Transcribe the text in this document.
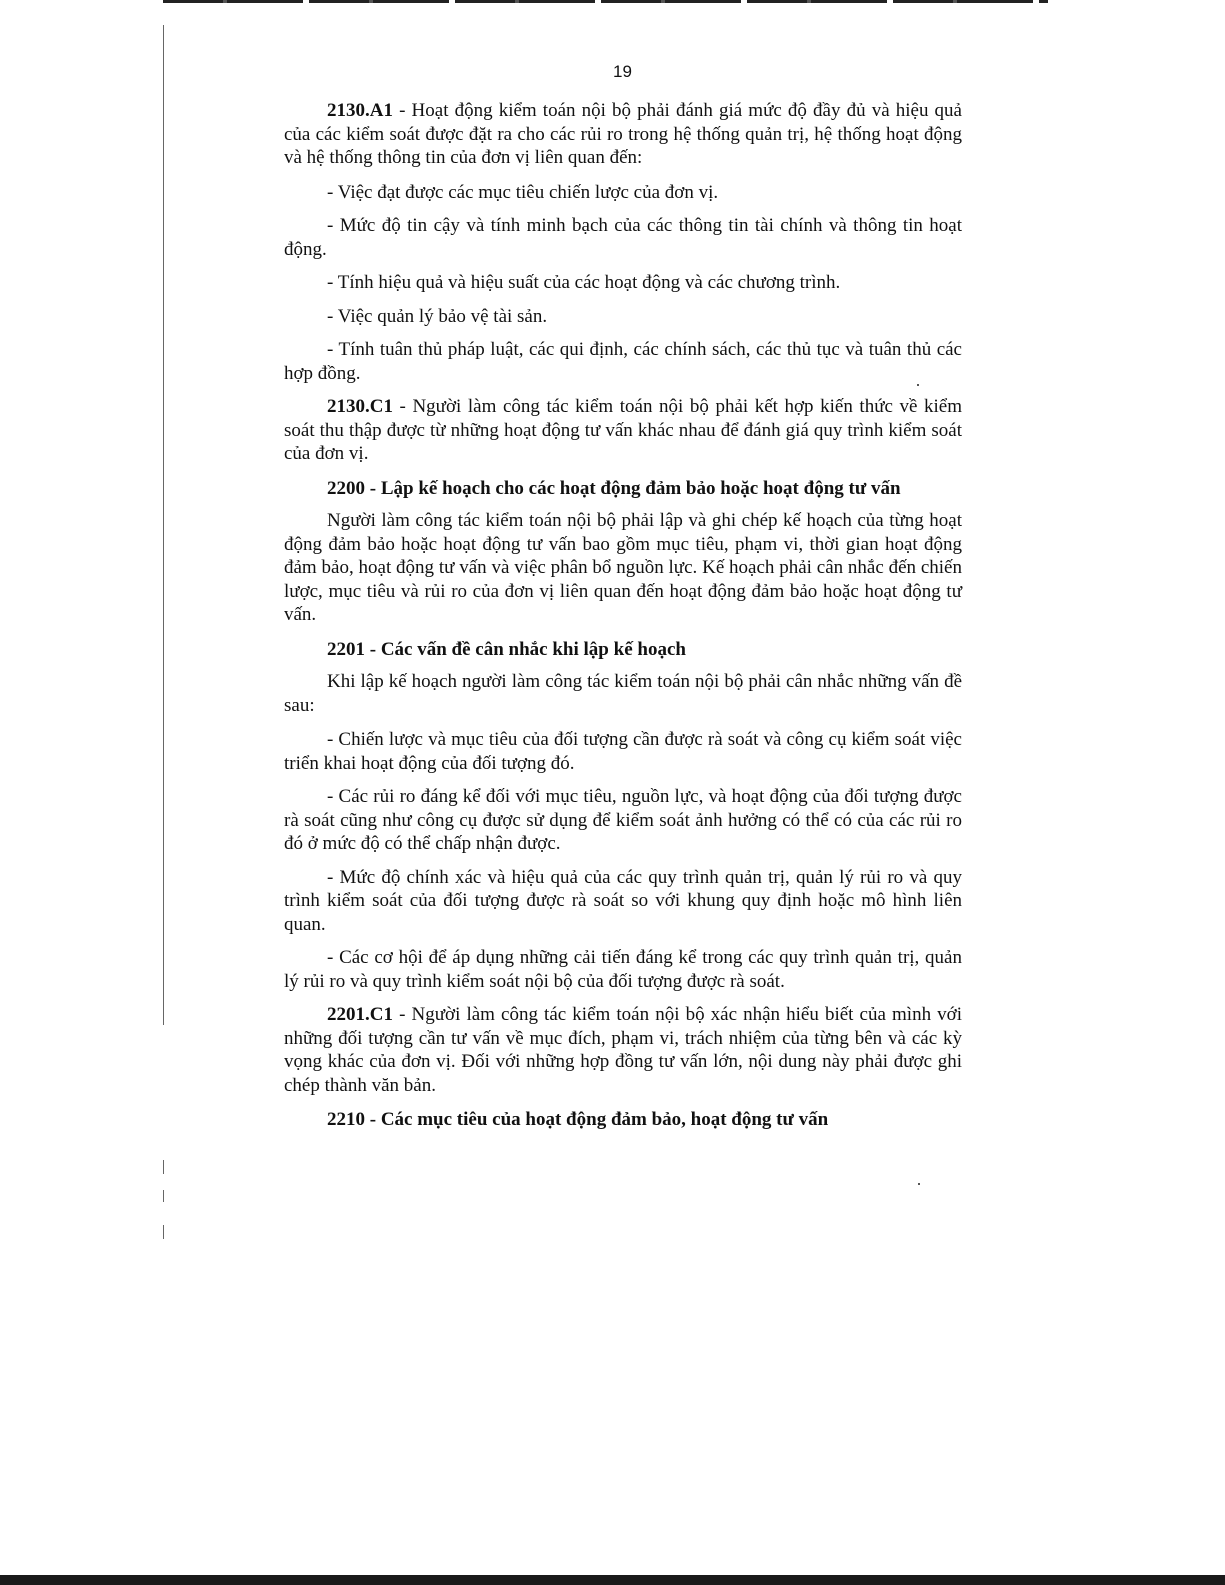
19

2130.A1 - Hoạt động kiểm toán nội bộ phải đánh giá mức độ đầy đủ và hiệu quả của các kiểm soát được đặt ra cho các rủi ro trong hệ thống quản trị, hệ thống hoạt động và hệ thống thông tin của đơn vị liên quan đến:

- Việc đạt được các mục tiêu chiến lược của đơn vị.

- Mức độ tin cậy và tính minh bạch của các thông tin tài chính và thông tin hoạt động.

- Tính hiệu quả và hiệu suất của các hoạt động và các chương trình.

- Việc quản lý bảo vệ tài sản.

- Tính tuân thủ pháp luật, các qui định, các chính sách, các thủ tục và tuân thủ các hợp đồng.

2130.C1 - Người làm công tác kiểm toán nội bộ phải kết hợp kiến thức về kiểm soát thu thập được từ những hoạt động tư vấn khác nhau để đánh giá quy trình kiểm soát của đơn vị.

2200 - Lập kế hoạch cho các hoạt động đảm bảo hoặc hoạt động tư vấn

Người làm công tác kiểm toán nội bộ phải lập và ghi chép kế hoạch của từng hoạt động đảm bảo hoặc hoạt động tư vấn bao gồm mục tiêu, phạm vi, thời gian hoạt động đảm bảo, hoạt động tư vấn và việc phân bổ nguồn lực. Kế hoạch phải cân nhắc đến chiến lược, mục tiêu và rủi ro của đơn vị liên quan đến hoạt động đảm bảo hoặc hoạt động tư vấn.

2201 - Các vấn đề cân nhắc khi lập kế hoạch

Khi lập kế hoạch người làm công tác kiểm toán nội bộ phải cân nhắc những vấn đề sau:

- Chiến lược và mục tiêu của đối tượng cần được rà soát và công cụ kiểm soát việc triển khai hoạt động của đối tượng đó.

- Các rủi ro đáng kể đối với mục tiêu, nguồn lực, và hoạt động của đối tượng được rà soát cũng như công cụ được sử dụng để kiểm soát ảnh hưởng có thể có của các rủi ro đó ở mức độ có thể chấp nhận được.

- Mức độ chính xác và hiệu quả của các quy trình quản trị, quản lý rủi ro và quy trình kiểm soát của đối tượng được rà soát so với khung quy định hoặc mô hình liên quan.

- Các cơ hội để áp dụng những cải tiến đáng kể trong các quy trình quản trị, quản lý rủi ro và quy trình kiểm soát nội bộ của đối tượng được rà soát.

2201.C1 - Người làm công tác kiểm toán nội bộ xác nhận hiểu biết của mình với những đối tượng cần tư vấn về mục đích, phạm vi, trách nhiệm của từng bên và các kỳ vọng khác của đơn vị. Đối với những hợp đồng tư vấn lớn, nội dung này phải được ghi chép thành văn bản.

2210 - Các mục tiêu của hoạt động đảm bảo, hoạt động tư vấn
